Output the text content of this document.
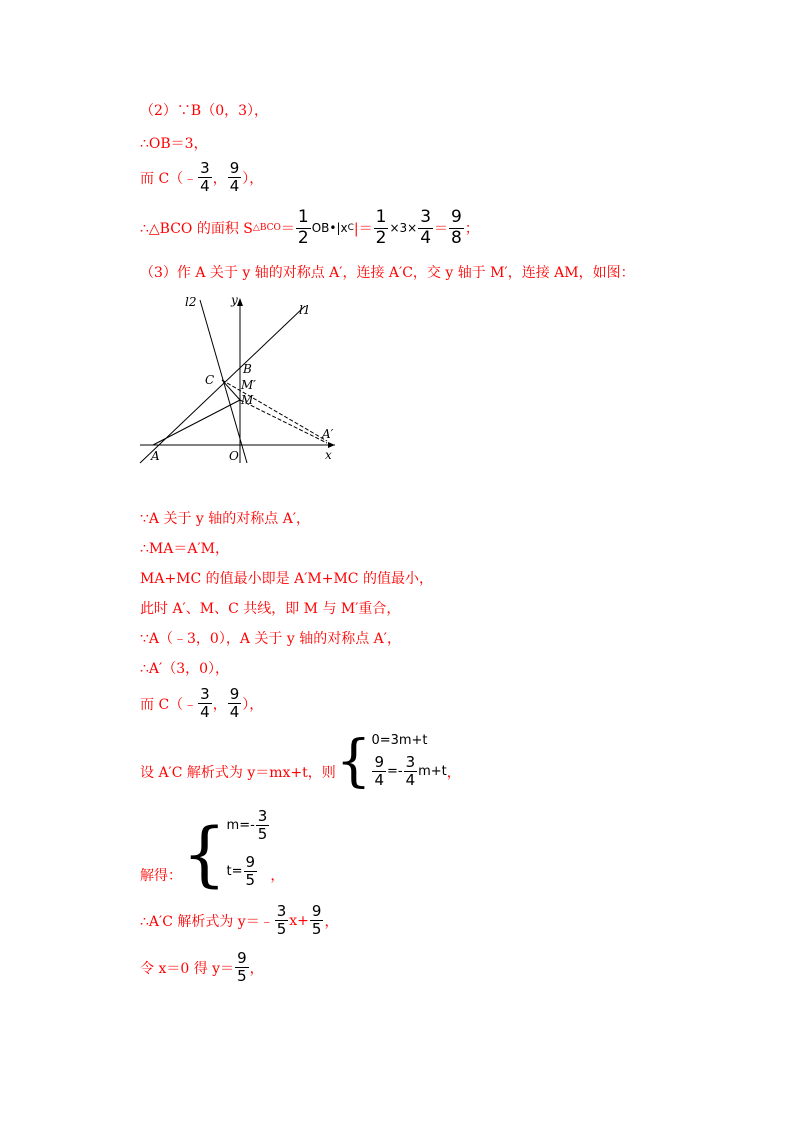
（2）∵B（0，3），
∴OB＝3，
而 C（﹣ $\frac{3}{4}$ ， $\frac{9}{4}$ ），
∴△BCO 的面积 S △BCO ＝ $\frac{1}{2}$ OB•|x C |＝ $\frac{1}{2} \times 3\times \frac{3}{4} = \frac{9}{8}$ ；
（3）作 A 关于 y 轴的对称点 A′，连接 A′C，交 y 轴于 M′，连接 AM，如图：
l2	y
l1
B
C M′
M
A′
A	O	x
∵A 关于 y 轴的对称点 A′，
∴MA＝A′M，
MA+MC 的值最小即是 A′M+MC 的值最小，
此时 A′、M、C 共线，即 M 与 M′重合，
∵A（﹣3，0），A 关于 y 轴的对称点 A′，
∴A′（3，0），
而 C（﹣ $\frac{3}{4}$ ， $\frac{9}{4}$ ），
设 A′C 解析式为 y＝mx+t，则 { 0=3m+t
$\frac{9}{4} =- \frac{3}{4} m+t$ ，
解得： { $m=- \frac{3}{5}$
$t= \frac{9}{5}$ ，
∴A′C 解析式为 y＝﹣ $\frac{3}{5} x+ \frac{9}{5}$ ，
令 x＝0 得 $y= \frac{9}{5}$ ，
